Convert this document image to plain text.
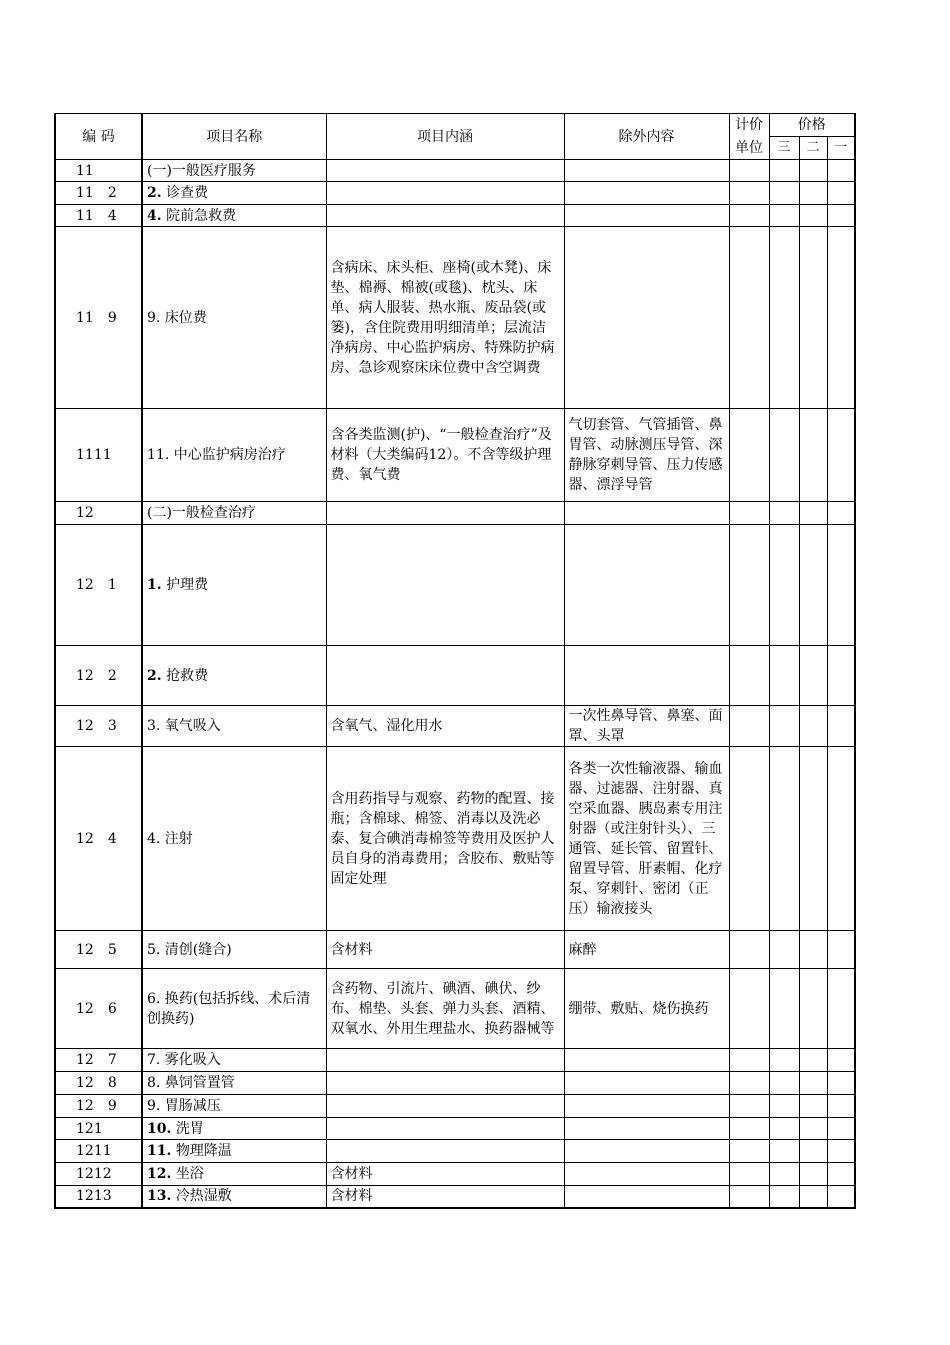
编 码	项目名称	项目内涵	除外内容	计价	价格		
				单位	三	二	一
11	(一)一般医疗服务						
11　2	2. 诊查费						
11　4	4. 院前急救费						
11　9	9. 床位费	含病床、床头柜、座椅(或木凳)、床垫、棉褥、棉被(或毯)、枕头、床单、病人服装、热水瓶、废品袋(或篓)，含住院费用明细清单；层流洁净病房、中心监护病房、特殊防护病房、急诊观察床床位费中含空调费					
1111	11. 中心监护病房治疗	含各类监测(护)、“一般检查治疗”及材料（大类编码12）。不含等级护理费、氧气费	气切套管、气管插管、鼻胃管、动脉测压导管、深静脉穿刺导管、压力传感器、漂浮导管				
12	(二)一般检查治疗						
12　1	1. 护理费						
12　2	2. 抢救费						
12　3	3. 氧气吸入	含氧气、湿化用水	一次性鼻导管、鼻塞、面罩、头罩				
12　4	4. 注射	含用药指导与观察、药物的配置、接瓶；含棉球、棉签、消毒以及洗必泰、复合碘消毒棉签等费用及医护人员自身的消毒费用；含胶布、敷贴等固定处理	各类一次性输液器、输血器、过滤器、注射器、真空采血器、胰岛素专用注射器（或注射针头）、三通管、延长管、留置针、留置导管、肝素帽、化疗泵、穿刺针、密闭（正压）输液接头				
12　5	5. 清创(缝合)	含材料	麻醉				
12　6	6. 换药(包括拆线、术后清创换药)	含药物、引流片、碘酒、碘伏、纱布、棉垫、头套、弹力头套、酒精、双氧水、外用生理盐水、换药器械等	绷带、敷贴、烧伤换药				
12　7	7. 雾化吸入						
12　8	8. 鼻饲管置管						
12　9	9. 胃肠减压						
121	10. 洗胃						
1211	11. 物理降温						
1212	12. 坐浴	含材料					
1213	13. 冷热湿敷	含材料					
